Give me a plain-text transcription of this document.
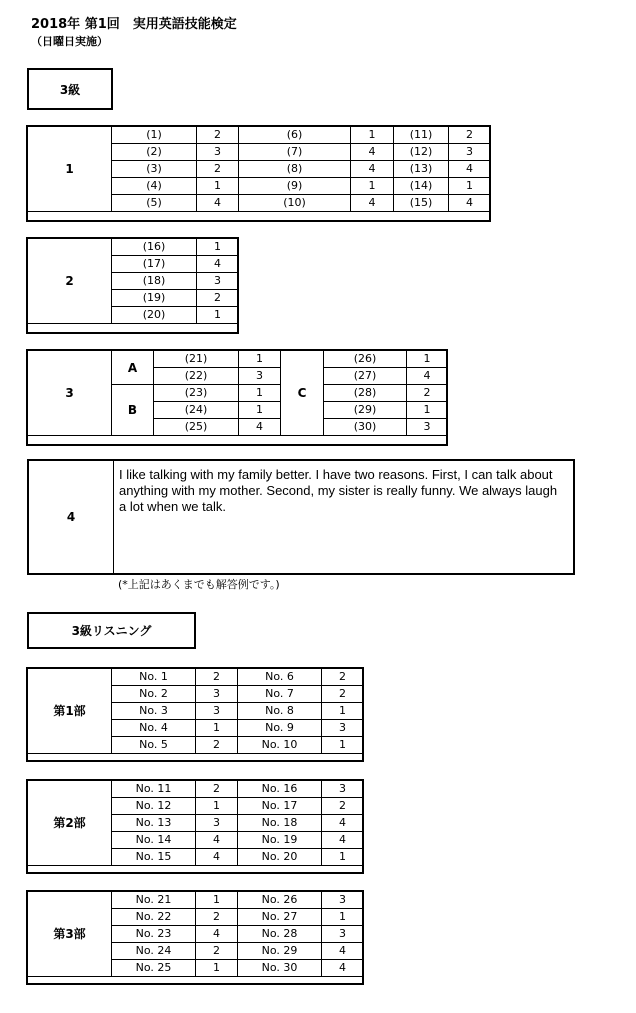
2018年 第1回　実用英語技能検定
（日曜日実施）
3級
1	(1)	2	(6)	1	(11)	2
	(2)	3	(7)	4	(12)	3
	(3)	2	(8)	4	(13)	4
	(4)	1	(9)	1	(14)	1
	(5)	4	(10)	4	(15)	4
2	(16)	1
	(17)	4
	(18)	3
	(19)	2
	(20)	1
3	A	(21)	1	C	(26)	1
		(22)	3		(27)	4
	B	(23)	1		(28)	2
		(24)	1		(29)	1
		(25)	4		(30)	3
4
I like talking with my family better. I have two reasons. First, I can talk about anything with my mother. Second, my sister is really funny. We always laugh a lot when we talk.
(*上記はあくまでも解答例です。)
3級リスニング
第1部	No. 1	2	No. 6	2
	No. 2	3	No. 7	2
	No. 3	3	No. 8	1
	No. 4	1	No. 9	3
	No. 5	2	No. 10	1
第2部	No. 11	2	No. 16	3
	No. 12	1	No. 17	2
	No. 13	3	No. 18	4
	No. 14	4	No. 19	4
	No. 15	4	No. 20	1
第3部	No. 21	1	No. 26	3
	No. 22	2	No. 27	1
	No. 23	4	No. 28	3
	No. 24	2	No. 29	4
	No. 25	1	No. 30	4
